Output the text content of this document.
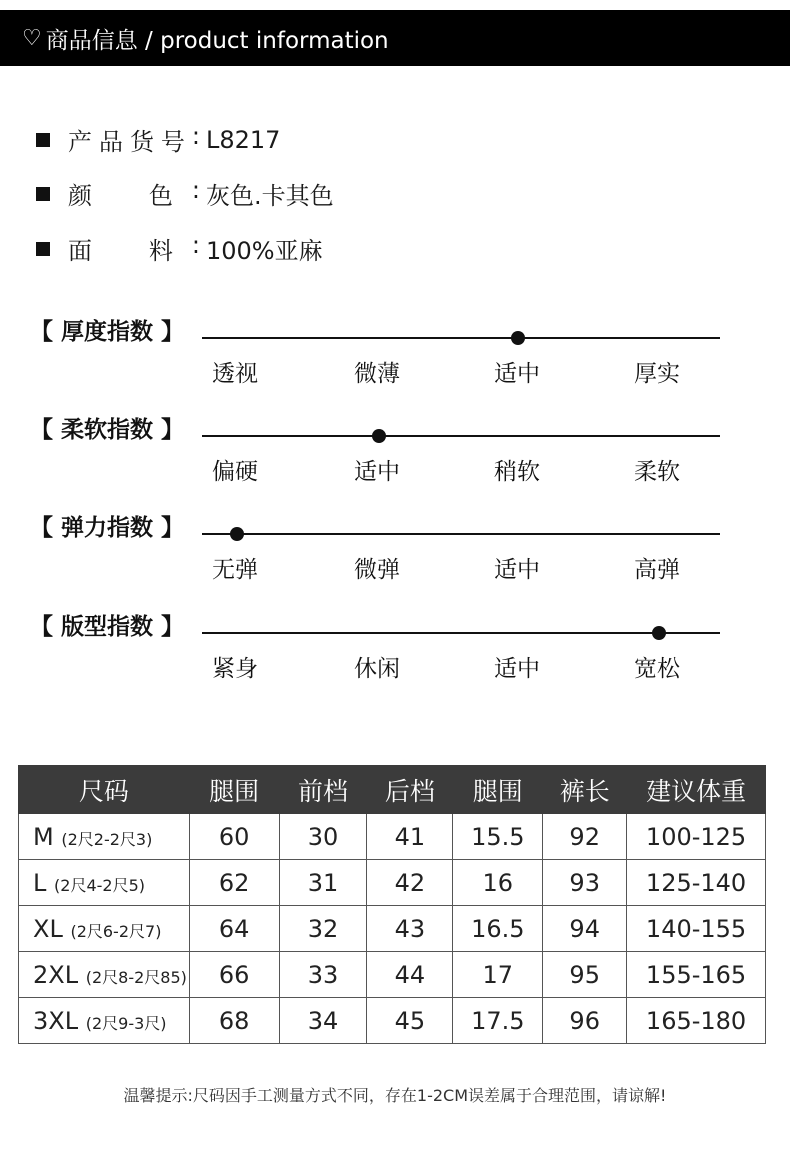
♡ 商品信息 / product information
产 品 货 号 : L8217
颜 色 : 灰色.卡其色
面 料 : 100%亚麻
【 厚度指数 】
透视	微薄	适中	厚实
【 柔软指数 】
偏硬	适中	稍软	柔软
【 弹力指数 】
无弹	微弹	适中	高弹
【 版型指数 】
紧身	休闲	适中	宽松
尺码	腿围	前档	后档	腿围	裤长	建议体重
M (2尺2-2尺3)	60	30	41	15.5	92	100-125
L (2尺4-2尺5)	62	31	42	16	93	125-140
XL (2尺6-2尺7)	64	32	43	16.5	94	140-155
2XL (2尺8-2尺85)	66	33	44	17	95	155-165
3XL (2尺9-3尺)	68	34	45	17.5	96	165-180
温馨提示:尺码因手工测量方式不同，存在1-2CM误差属于合理范围，请谅解!
